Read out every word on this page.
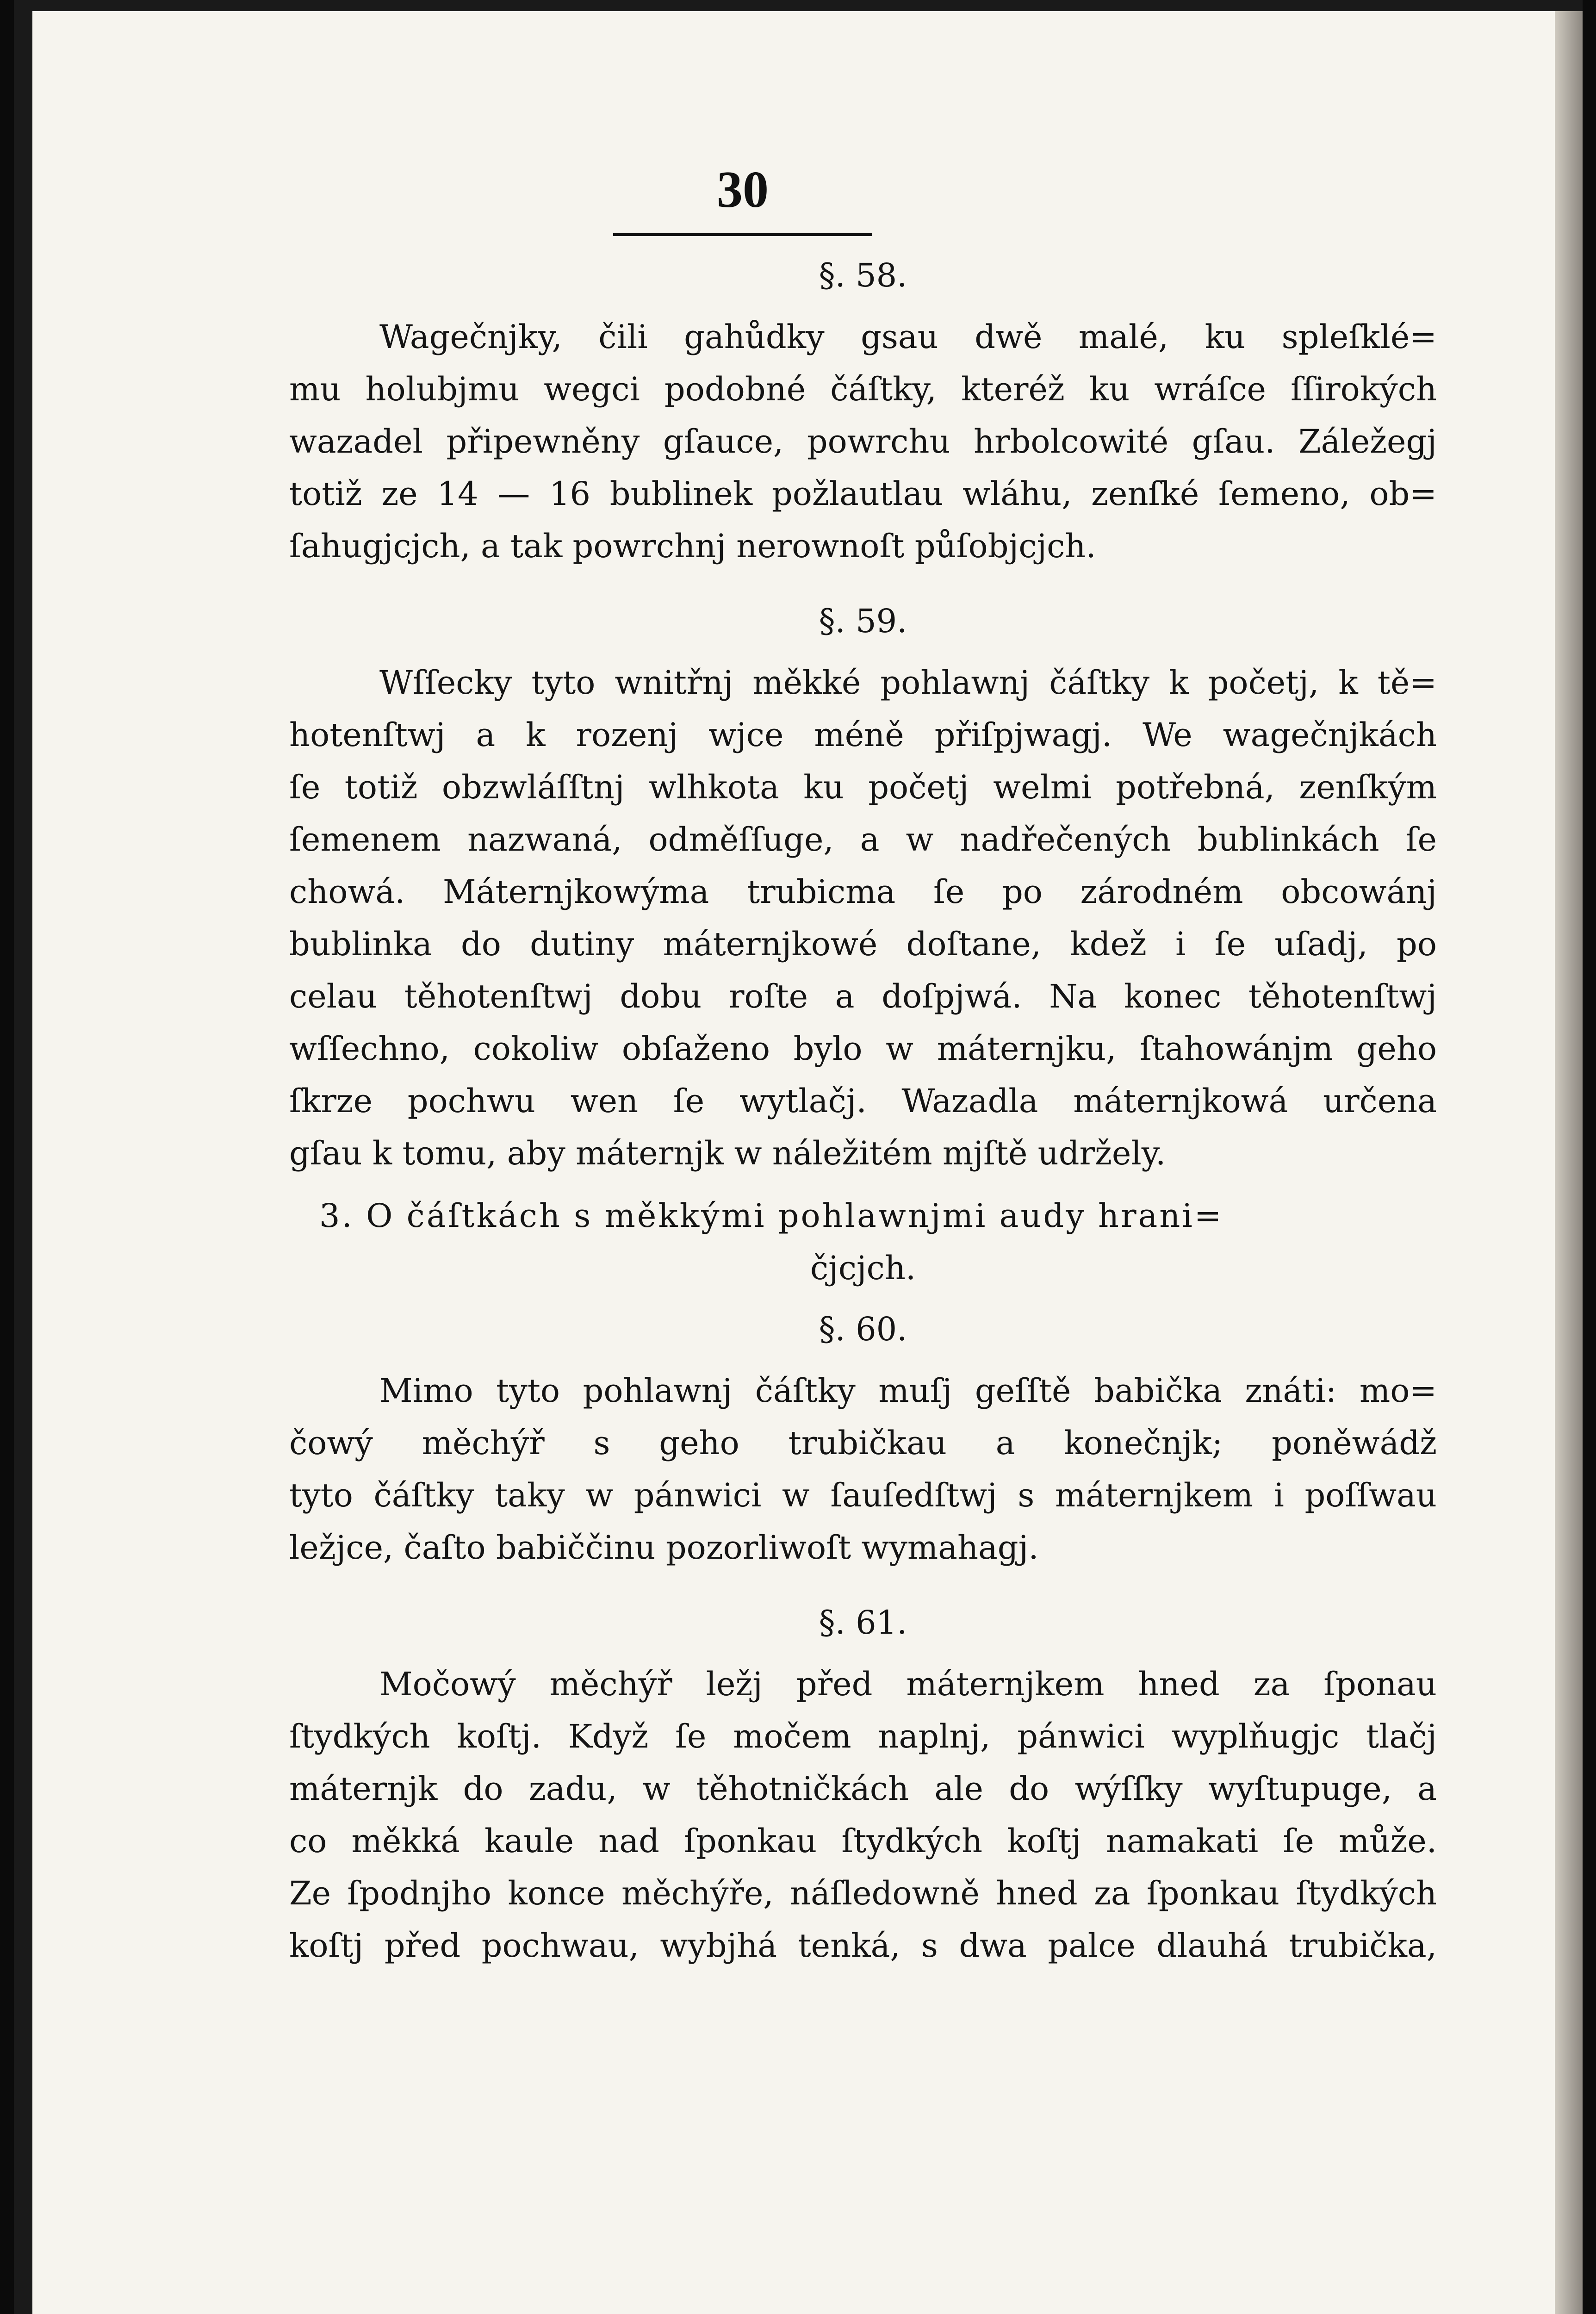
30
§. 58.
Wagečnjky, čili gahůdky gsau dwě malé, ku spleſklé=
mu holubjmu wegci podobné čáſtky, kteréž ku wráſce ſſirokých
wazadel připewněny gſauce, powrchu hrbolcowité gſau. Záležegj
totiž ze 14 — 16 bublinek požlautlau wláhu, zenſké ſemeno, ob=
ſahugjcjch, a tak powrchnj nerownoſt půſobjcjch.
§. 59.
Wſſecky tyto wnitřnj měkké pohlawnj čáſtky k početj, k tě=
hotenſtwj a k rozenj wjce méně přiſpjwagj. We wagečnjkách
ſe totiž obzwláſſtnj wlhkota ku početj welmi potřebná, zenſkým
ſemenem nazwaná, odměſſuge, a w nadřečených bublinkách ſe
chowá. Máternjkowýma trubicma ſe po zárodném obcowánj
bublinka do dutiny máternjkowé doſtane, kdež i ſe uſadj, po
celau těhotenſtwj dobu roſte a doſpjwá. Na konec těhotenſtwj
wſſechno, cokoliw obſaženo bylo w máternjku, ſtahowánjm geho
ſkrze pochwu wen ſe wytlačj. Wazadla máternjkowá určena
gſau k tomu, aby máternjk w náležitém mjſtě udržely.
3. O čáſtkách s měkkými pohlawnjmi audy hrani=
čjcjch.
§. 60.
Mimo tyto pohlawnj čáſtky muſj geſſtě babička znáti: mo=
čowý měchýř s geho trubičkau a konečnjk; poněwádž
tyto čáſtky taky w pánwici w ſauſedſtwj s máternjkem i poſſwau
ležjce, čaſto babiččinu pozorliwoſt wymahagj.
§. 61.
Močowý měchýř ležj před máternjkem hned za ſponau
ſtydkých koſtj. Když ſe močem naplnj, pánwici wyplňugjc tlačj
máternjk do zadu, w těhotničkách ale do wýſſky wyſtupuge, a
co měkká kaule nad ſponkau ſtydkých koſtj namakati ſe může.
Ze ſpodnjho konce měchýře, náſledowně hned za ſponkau ſtydkých
koſtj před pochwau, wybjhá tenká, s dwa palce dlauhá trubička,
